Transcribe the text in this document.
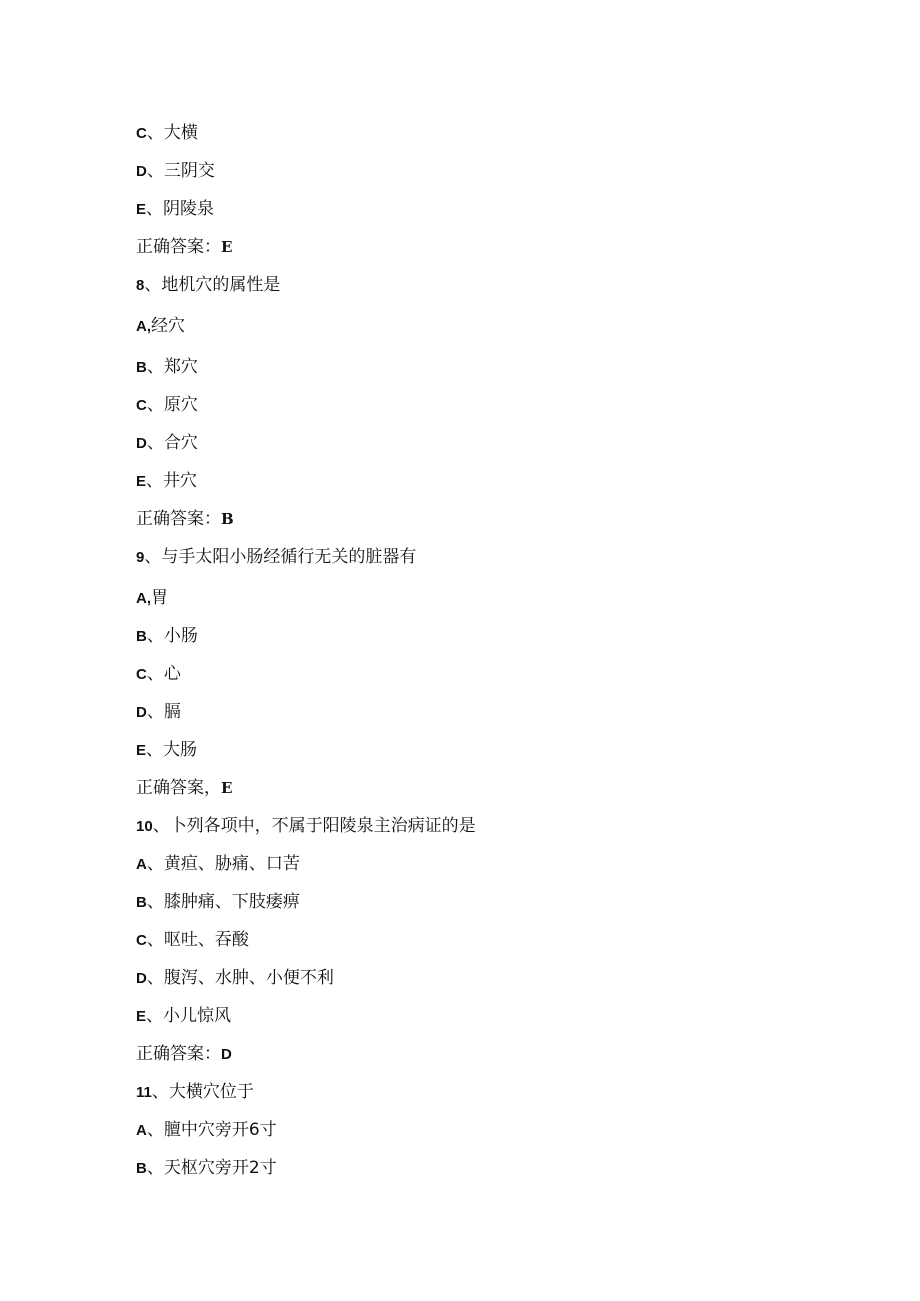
C、大横
D、三阴交
E、阴陵泉
正确答案：E
8、地机穴的属性是
A,经穴
B、郑穴
C、原穴
D、合穴
E、井穴
正确答案：B
9、与手太阳小肠经循行无关的脏器有
A,胃
B、小肠
C、心
D、膈
E、大肠
正确答案，E
10、卜列各项中，不属于阳陵泉主治病证的是
A、黄疸、胁痛、口苦
B、膝肿痛、下肢痿痹
C、呕吐、吞酸
D、腹泻、水肿、小便不利
E、小儿惊风
正确答案：D
11、大横穴位于
A、膻中穴旁开6寸
B、天枢穴旁开2寸
